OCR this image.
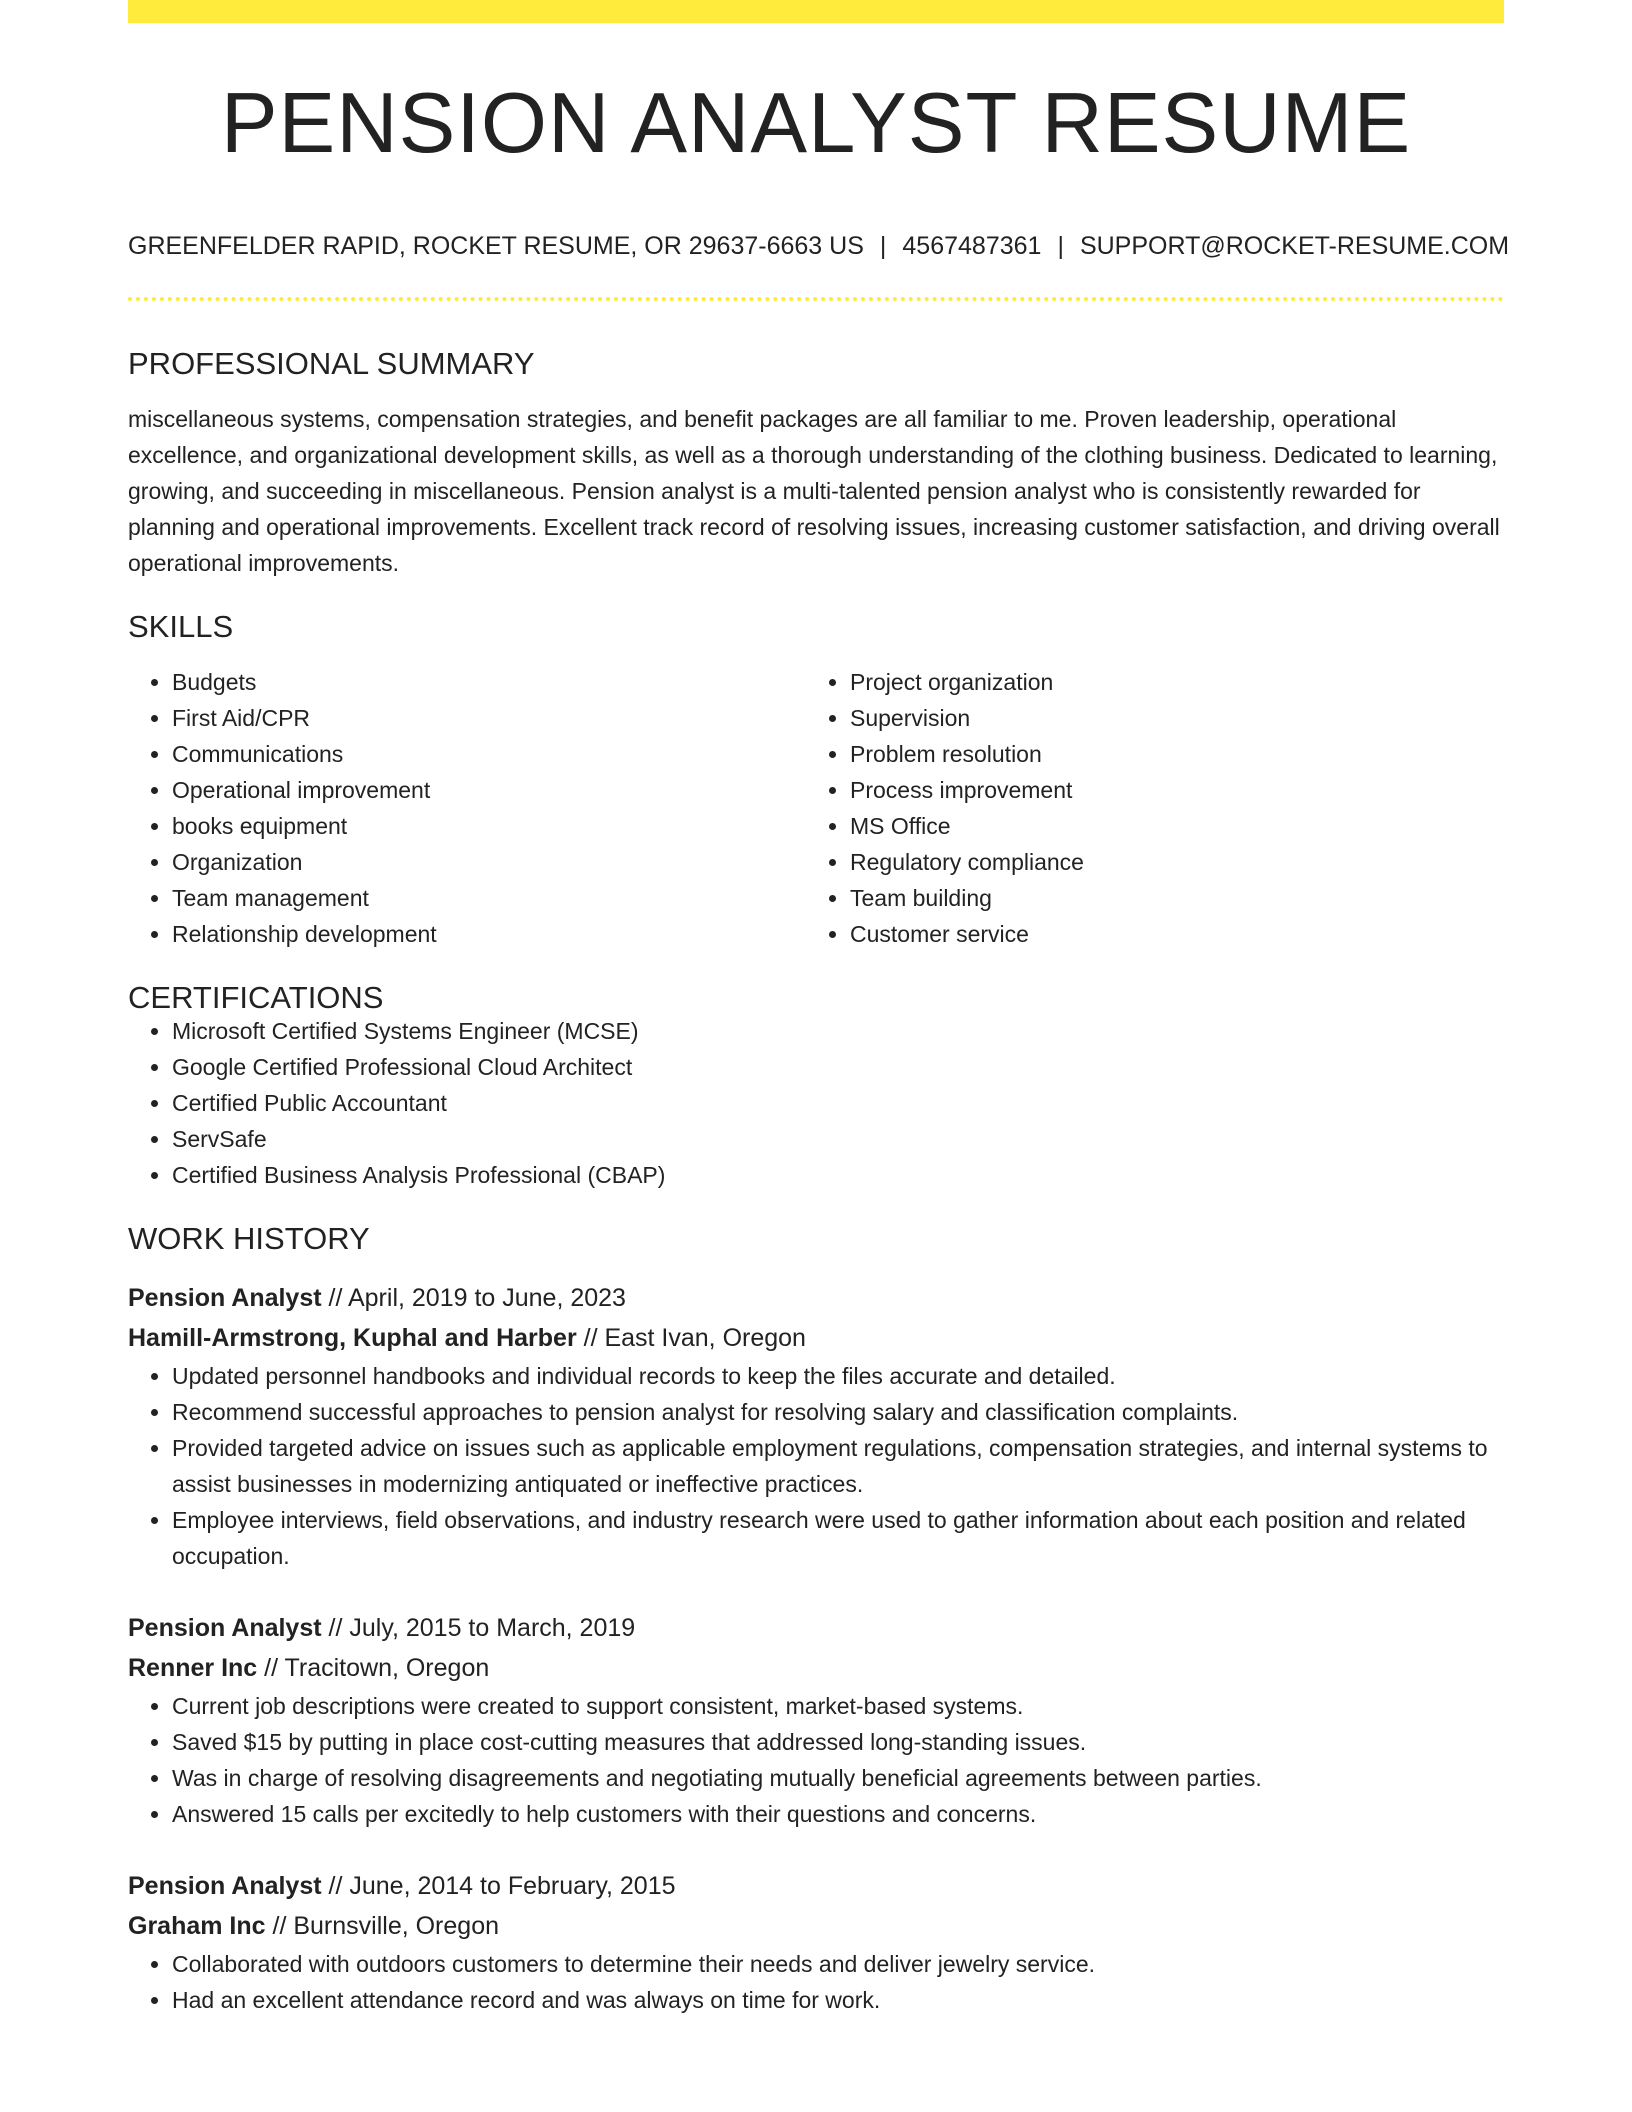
PENSION ANALYST RESUME
GREENFELDER RAPID, ROCKET RESUME, OR 29637-6663 US | 4567487361 | SUPPORT@ROCKET-RESUME.COM
PROFESSIONAL SUMMARY

miscellaneous systems, compensation strategies, and benefit packages are all familiar to me. Proven leadership, operational excellence, and organizational development skills, as well as a thorough understanding of the clothing business. Dedicated to learning, growing, and succeeding in miscellaneous. Pension analyst is a multi-talented pension analyst who is consistently rewarded for planning and operational improvements. Excellent track record of resolving issues, increasing customer satisfaction, and driving overall operational improvements.

SKILLS
• Budgets
• First Aid/CPR
• Communications
• Operational improvement
• books equipment
• Organization
• Team management
• Relationship development
• Project organization
• Supervision
• Problem resolution
• Process improvement
• MS Office
• Regulatory compliance
• Team building
• Customer service
CERTIFICATIONS
• Microsoft Certified Systems Engineer (MCSE)
• Google Certified Professional Cloud Architect
• Certified Public Accountant
• ServSafe
• Certified Business Analysis Professional (CBAP)
WORK HISTORY
Pension Analyst // April, 2019 to June, 2023
Hamill-Armstrong, Kuphal and Harber // East Ivan, Oregon
• Updated personnel handbooks and individual records to keep the files accurate and detailed.
• Recommend successful approaches to pension analyst for resolving salary and classification complaints.
• Provided targeted advice on issues such as applicable employment regulations, compensation strategies, and internal systems to assist businesses in modernizing antiquated or ineffective practices.
• Employee interviews, field observations, and industry research were used to gather information about each position and related occupation.
Pension Analyst // July, 2015 to March, 2019
Renner Inc // Tracitown, Oregon
• Current job descriptions were created to support consistent, market-based systems.
• Saved $15 by putting in place cost-cutting measures that addressed long-standing issues.
• Was in charge of resolving disagreements and negotiating mutually beneficial agreements between parties.
• Answered 15 calls per excitedly to help customers with their questions and concerns.
Pension Analyst // June, 2014 to February, 2015
Graham Inc // Burnsville, Oregon
• Collaborated with outdoors customers to determine their needs and deliver jewelry service.
• Had an excellent attendance record and was always on time for work.
